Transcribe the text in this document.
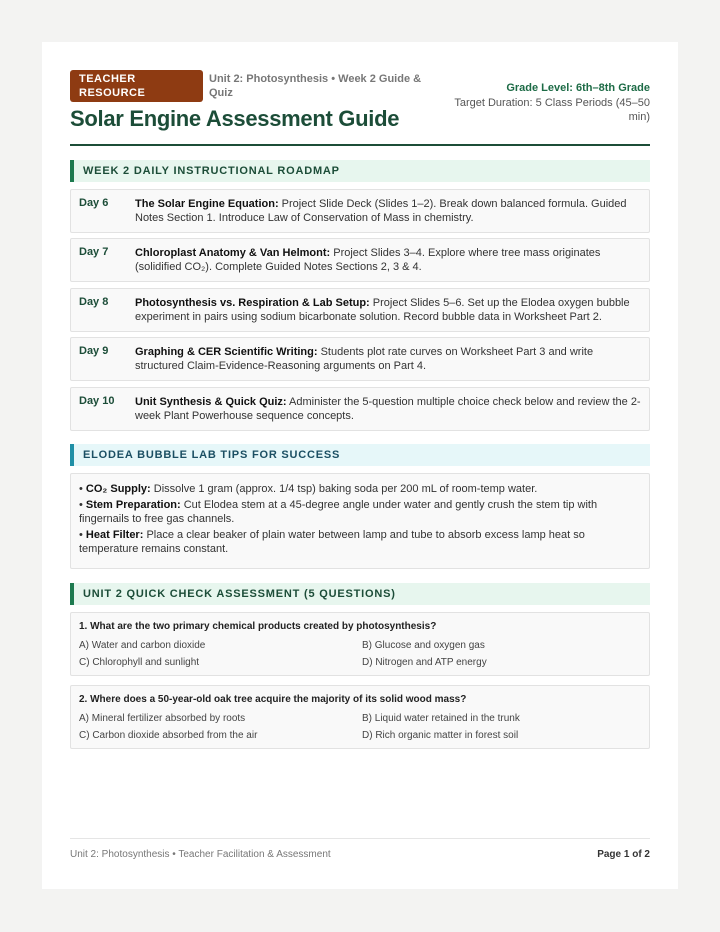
TEACHER
RESOURCE
Unit 2: Photosynthesis • Week 2 Guide &
Quiz	Grade Level: 6th–8th Grade
Target Duration: 5 Class Periods (45–50
min)
Solar Engine Assessment Guide
WEEK 2 DAILY INSTRUCTIONAL ROADMAP
Day 6 The Solar Engine Equation: Project Slide Deck (Slides 1–2). Break down balanced formula. Guided Notes Section 1. Introduce Law of Conservation of Mass in chemistry.
Day 7 Chloroplast Anatomy & Van Helmont: Project Slides 3–4. Explore where tree mass originates (solidified CO₂). Complete Guided Notes Sections 2, 3 & 4.
Day 8 Photosynthesis vs. Respiration & Lab Setup: Project Slides 5–6. Set up the Elodea oxygen bubble experiment in pairs using sodium bicarbonate solution. Record bubble data in Worksheet Part 2.
Day 9 Graphing & CER Scientific Writing: Students plot rate curves on Worksheet Part 3 and write structured Claim-Evidence-Reasoning arguments on Part 4.
Day 10 Unit Synthesis & Quick Quiz: Administer the 5-question multiple choice check below and review the 2-week Plant Powerhouse sequence concepts.
ELODEA BUBBLE LAB TIPS FOR SUCCESS

• CO₂ Supply: Dissolve 1 gram (approx. 1/4 tsp) baking soda per 200 mL of room-temp water.

• Stem Preparation: Cut Elodea stem at a 45-degree angle under water and gently crush the stem tip with fingernails to free gas channels.

• Heat Filter: Place a clear beaker of plain water between lamp and tube to absorb excess lamp heat so temperature remains constant.

UNIT 2 QUICK CHECK ASSESSMENT (5 QUESTIONS)
1. What are the two primary chemical products created by photosynthesis?
A) Water and carbon dioxide	B) Glucose and oxygen gas
C) Chlorophyll and sunlight	D) Nitrogen and ATP energy
2. Where does a 50-year-old oak tree acquire the majority of its solid wood mass?
A) Mineral fertilizer absorbed by roots	B) Liquid water retained in the trunk
C) Carbon dioxide absorbed from the air	D) Rich organic matter in forest soil
Unit 2: Photosynthesis • Teacher Facilitation & Assessment	Page 1 of 2
